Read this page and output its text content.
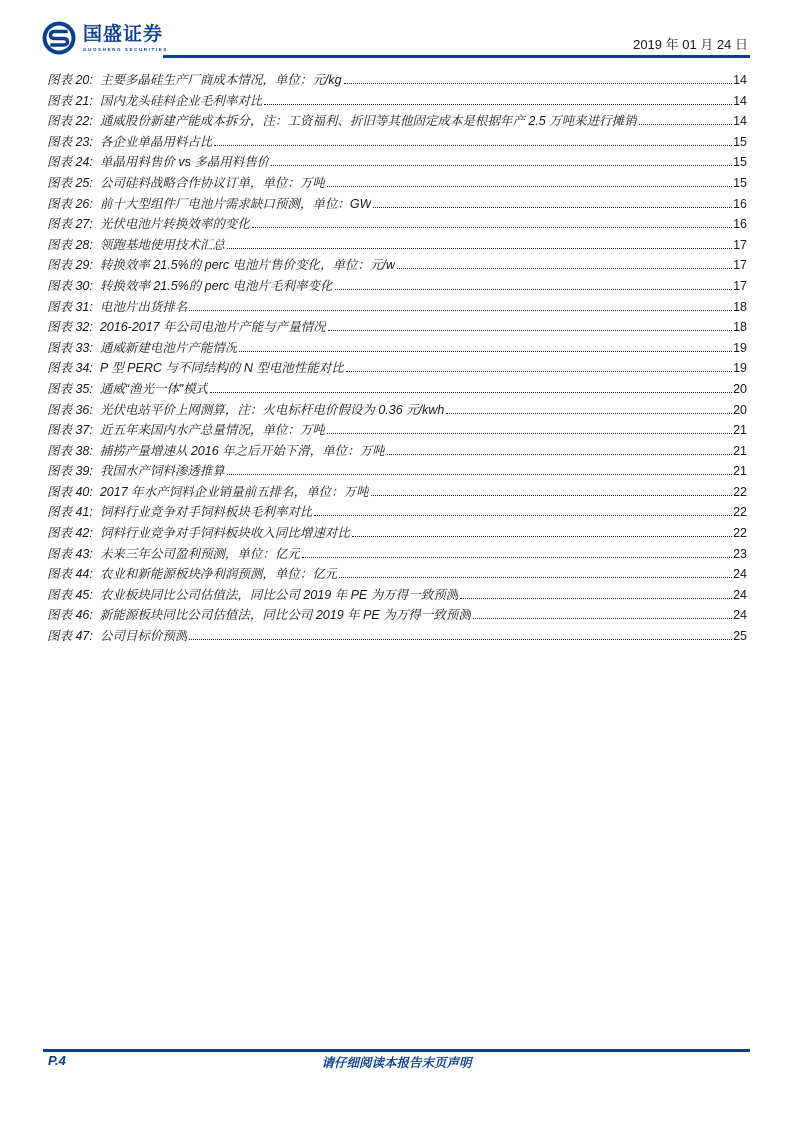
国盛证券
GUOSHENG SECURITIES	2019 年 01 月 24 日
图表 20: 主要多晶硅生产厂商成本情况，单位：元/kg	14
图表 21: 国内龙头硅料企业毛利率对比	14
图表 22: 通威股份新建产能成本拆分，注：工资福利、折旧等其他固定成本是根据年产 2.5 万吨来进行摊销	14
图表 23: 各企业单晶用料占比	15
图表 24: 单晶用料售价 vs 多晶用料售价	15
图表 25: 公司硅料战略合作协议订单，单位：万吨	15
图表 26: 前十大型组件厂电池片需求缺口预测，单位：GW	16
图表 27: 光伏电池片转换效率的变化	16
图表 28: 领跑基地使用技术汇总	17
图表 29: 转换效率 21.5%的 perc 电池片售价变化，单位：元/w	17
图表 30: 转换效率 21.5%的 perc 电池片毛利率变化	17
图表 31: 电池片出货排名	18
图表 32: 2016-2017 年公司电池片产能与产量情况	18
图表 33: 通威新建电池片产能情况	19
图表 34: P 型 PERC 与不同结构的 N 型电池性能对比	19
图表 35: 通威“渔光一体”模式	20
图表 36: 光伏电站平价上网测算，注：火电标杆电价假设为 0.36 元/kwh	20
图表 37: 近五年来国内水产总量情况，单位：万吨	21
图表 38: 捕捞产量增速从 2016 年之后开始下滑，单位：万吨	21
图表 39: 我国水产饲料渗透推算	21
图表 40: 2017 年水产饲料企业销量前五排名，单位：万吨	22
图表 41: 饲料行业竞争对手饲料板块毛利率对比	22
图表 42: 饲料行业竞争对手饲料板块收入同比增速对比	22
图表 43: 未来三年公司盈利预测，单位：亿元	23
图表 44: 农业和新能源板块净利润预测，单位：亿元	24
图表 45: 农业板块同比公司估值法，同比公司 2019 年 PE 为万得一致预测	24
图表 46: 新能源板块同比公司估值法，同比公司 2019 年 PE 为万得一致预测	24
图表 47: 公司目标价预测	25
P.4	请仔细阅读本报告末页声明
